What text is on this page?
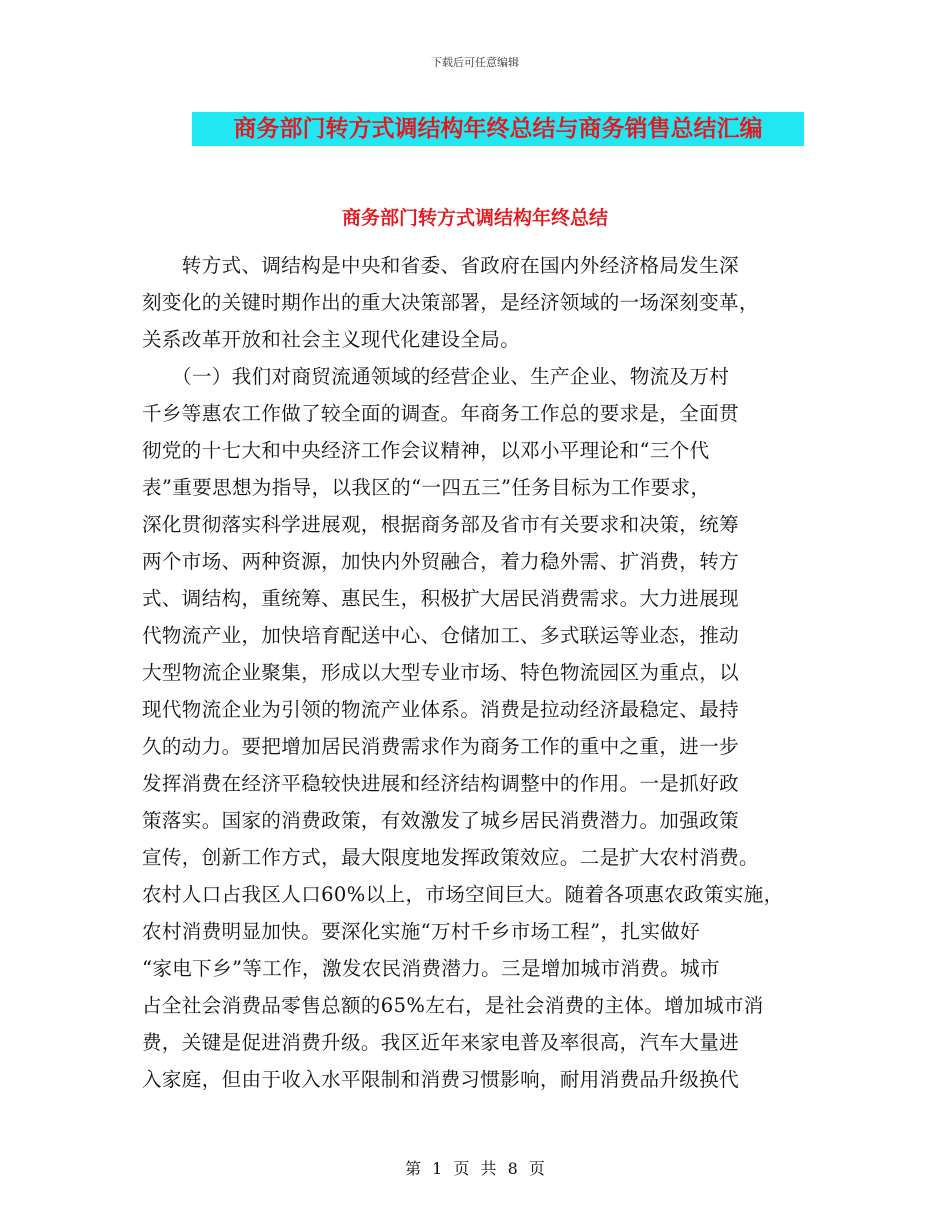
下载后可任意编辑
商务部门转方式调结构年终总结与商务销售总结汇编
商务部门转方式调结构年终总结
　　转方式、调结构是中央和省委、省政府在国内外经济格局发生深
刻变化的关键时期作出的重大决策部署，是经济领域的一场深刻变革，
关系改革开放和社会主义现代化建设全局。
　　（一）我们对商贸流通领域的经营企业、生产企业、物流及万村
千乡等惠农工作做了较全面的调查。年商务工作总的要求是，全面贯
彻党的十七大和中央经济工作会议精神，以邓小平理论和“三个代
表”重要思想为指导，以我区的“一四五三”任务目标为工作要求，
深化贯彻落实科学进展观，根据商务部及省市有关要求和决策，统筹
两个市场、两种资源，加快内外贸融合，着力稳外需、扩消费，转方
式、调结构，重统筹、惠民生，积极扩大居民消费需求。大力进展现
代物流产业，加快培育配送中心、仓储加工、多式联运等业态，推动
大型物流企业聚集，形成以大型专业市场、特色物流园区为重点，以
现代物流企业为引领的物流产业体系。消费是拉动经济最稳定、最持
久的动力。要把增加居民消费需求作为商务工作的重中之重，进一步
发挥消费在经济平稳较快进展和经济结构调整中的作用。一是抓好政
策落实。国家的消费政策，有效激发了城乡居民消费潜力。加强政策
宣传，创新工作方式，最大限度地发挥政策效应。二是扩大农村消费。
农村人口占我区人口60%以上，市场空间巨大。随着各项惠农政策实施，
农村消费明显加快。要深化实施“万村千乡市场工程”，扎实做好
“家电下乡”等工作，激发农民消费潜力。三是增加城市消费。城市
占全社会消费品零售总额的65%左右，是社会消费的主体。增加城市消
费，关键是促进消费升级。我区近年来家电普及率很高，汽车大量进
入家庭，但由于收入水平限制和消费习惯影响，耐用消费品升级换代
第 1 页 共 8 页
